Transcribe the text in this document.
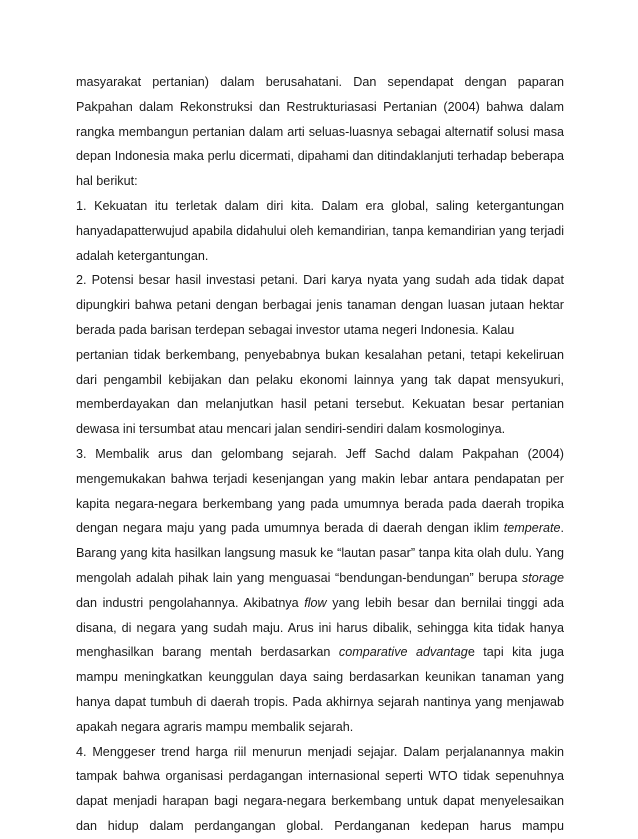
masyarakat pertanian) dalam berusahatani. Dan sependapat dengan paparan
Pakpahan dalam Rekonstruksi dan Restrukturiasasi Pertanian (2004) bahwa dalam
rangka membangun pertanian dalam arti seluas-luasnya sebagai alternatif solusi masa
depan Indonesia maka perlu dicermati, dipahami dan ditindaklanjuti terhadap beberapa
hal berikut:
1. Kekuatan itu terletak dalam diri kita. Dalam era global, saling ketergantungan
hanyadapatterwujud apabila didahului oleh kemandirian, tanpa kemandirian yang terjadi
adalah ketergantungan.
2. Potensi besar hasil investasi petani. Dari karya nyata yang sudah ada tidak dapat
dipungkiri bahwa petani dengan berbagai jenis tanaman dengan luasan jutaan hektar
berada pada barisan terdepan sebagai investor utama negeri Indonesia. Kalau
pertanian tidak berkembang, penyebabnya bukan kesalahan petani, tetapi kekeliruan
dari pengambil kebijakan dan pelaku ekonomi lainnya yang tak dapat mensyukuri,
memberdayakan dan melanjutkan hasil petani tersebut. Kekuatan besar pertanian
dewasa ini tersumbat atau mencari jalan sendiri-sendiri dalam kosmologinya.
3. Membalik arus dan gelombang sejarah. Jeff Sachd dalam Pakpahan (2004)
mengemukakan bahwa terjadi kesenjangan yang makin lebar antara pendapatan per
kapita negara-negara berkembang yang pada umumnya berada pada daerah tropika
dengan negara maju yang pada umumnya berada di daerah dengan iklim temperate.
Barang yang kita hasilkan langsung masuk ke “lautan pasar” tanpa kita olah dulu. Yang
mengolah adalah pihak lain yang menguasai “bendungan-bendungan” berupa storage
dan industri pengolahannya. Akibatnya flow yang lebih besar dan bernilai tinggi ada
disana, di negara yang sudah maju. Arus ini harus dibalik, sehingga kita tidak hanya
menghasilkan barang mentah berdasarkan comparative advantage tapi kita juga
mampu meningkatkan keunggulan daya saing berdasarkan keunikan tanaman yang
hanya dapat tumbuh di daerah tropis. Pada akhirnya sejarah nantinya yang menjawab
apakah negara agraris mampu membalik sejarah.
4. Menggeser trend harga riil menurun menjadi sejajar. Dalam perjalanannya makin
tampak bahwa organisasi perdagangan internasional seperti WTO tidak sepenuhnya
dapat menjadi harapan bagi negara-negara berkembang untuk dapat menyelesaikan
dan hidup dalam perdangangan global. Perdanganan kedepan harus mampu
